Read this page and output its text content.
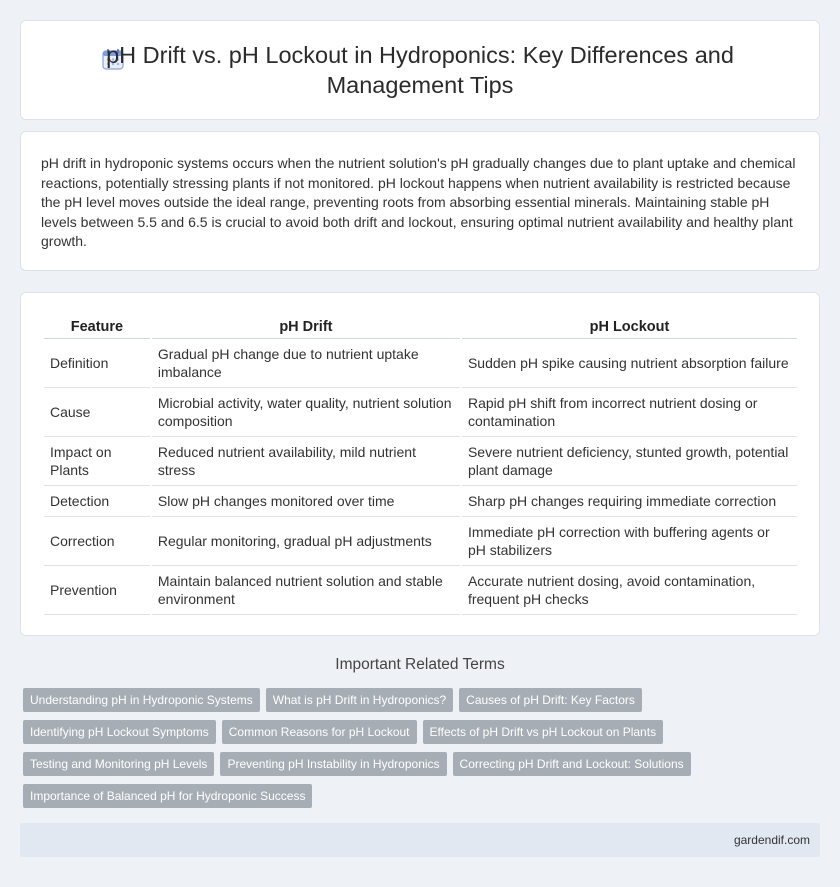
pH Drift vs. pH Lockout in Hydroponics: Key Differences and Management Tips

pH drift in hydroponic systems occurs when the nutrient solution's pH gradually changes due to plant uptake and chemical reactions, potentially stressing plants if not monitored. pH lockout happens when nutrient availability is restricted because the pH level moves outside the ideal range, preventing roots from absorbing essential minerals. Maintaining stable pH levels between 5.5 and 6.5 is crucial to avoid both drift and lockout, ensuring optimal nutrient availability and healthy plant growth.

Feature	pH Drift	pH Lockout
Definition	Gradual pH change due to nutrient uptake imbalance	Sudden pH spike causing nutrient absorption failure
Cause	Microbial activity, water quality, nutrient solution composition	Rapid pH shift from incorrect nutrient dosing or contamination
Impact on Plants	Reduced nutrient availability, mild nutrient stress	Severe nutrient deficiency, stunted growth, potential plant damage
Detection	Slow pH changes monitored over time	Sharp pH changes requiring immediate correction
Correction	Regular monitoring, gradual pH adjustments	Immediate pH correction with buffering agents or pH stabilizers
Prevention	Maintain balanced nutrient solution and stable environment	Accurate nutrient dosing, avoid contamination, frequent pH checks
Important Related Terms
Understanding pH in Hydroponic Systems	What is pH Drift in Hydroponics?	Causes of pH Drift: Key Factors
Identifying pH Lockout Symptoms	Common Reasons for pH Lockout	Effects of pH Drift vs pH Lockout on Plants
Testing and Monitoring pH Levels	Preventing pH Instability in Hydroponics	Correcting pH Drift and Lockout: Solutions
Importance of Balanced pH for Hydroponic Success
gardendif.com
